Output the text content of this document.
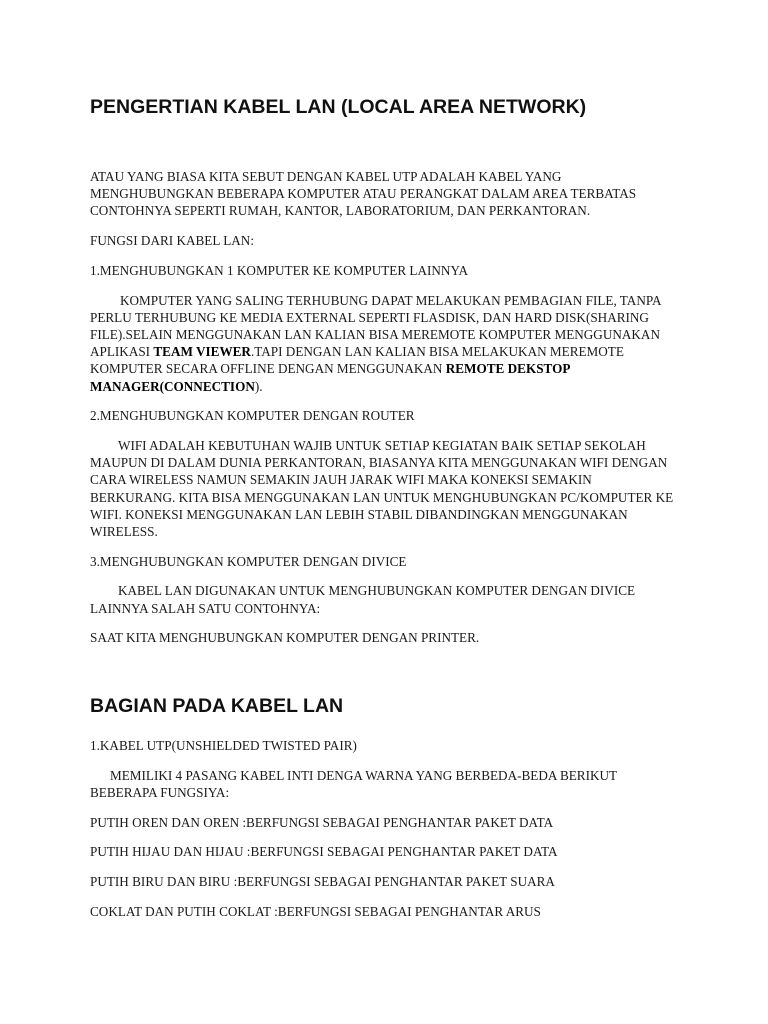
PENGERTIAN KABEL LAN (LOCAL AREA NETWORK)

ATAU YANG BIASA KITA SEBUT DENGAN KABEL UTP ADALAH KABEL YANG MENGHUBUNGKAN BEBERAPA KOMPUTER ATAU PERANGKAT DALAM AREA TERBATAS CONTOHNYA SEPERTI RUMAH, KANTOR, LABORATORIUM, DAN PERKANTORAN.

FUNGSI DARI KABEL LAN:

1.MENGHUBUNGKAN 1 KOMPUTER KE KOMPUTER LAINNYA

KOMPUTER YANG SALING TERHUBUNG DAPAT MELAKUKAN PEMBAGIAN FILE, TANPA PERLU TERHUBUNG KE MEDIA EXTERNAL SEPERTI FLASDISK, DAN HARD DISK(SHARING FILE).SELAIN MENGGUNAKAN LAN KALIAN BISA MEREMOTE KOMPUTER MENGGUNAKAN APLIKASI TEAM VIEWER.TAPI DENGAN LAN KALIAN BISA MELAKUKAN MEREMOTE KOMPUTER SECARA OFFLINE DENGAN MENGGUNAKAN REMOTE DEKSTOP MANAGER(CONNECTION).

2.MENGHUBUNGKAN KOMPUTER DENGAN ROUTER

WIFI ADALAH KEBUTUHAN WAJIB UNTUK SETIAP KEGIATAN BAIK SETIAP SEKOLAH MAUPUN DI DALAM DUNIA PERKANTORAN, BIASANYA KITA MENGGUNAKAN WIFI DENGAN CARA WIRELESS NAMUN SEMAKIN JAUH JARAK WIFI MAKA KONEKSI SEMAKIN BERKURANG. KITA BISA MENGGUNAKAN LAN UNTUK MENGHUBUNGKAN PC/KOMPUTER KE WIFI. KONEKSI MENGGUNAKAN LAN LEBIH STABIL DIBANDINGKAN MENGGUNAKAN WIRELESS.

3.MENGHUBUNGKAN KOMPUTER DENGAN DIVICE

KABEL LAN DIGUNAKAN UNTUK MENGHUBUNGKAN KOMPUTER DENGAN DIVICE LAINNYA SALAH SATU CONTOHNYA:

SAAT KITA MENGHUBUNGKAN KOMPUTER DENGAN PRINTER.

BAGIAN PADA KABEL LAN

1.KABEL UTP(UNSHIELDED TWISTED PAIR)

MEMILIKI 4 PASANG KABEL INTI DENGA WARNA YANG BERBEDA-BEDA BERIKUT BEBERAPA FUNGSIYA:

PUTIH OREN DAN OREN :BERFUNGSI SEBAGAI PENGHANTAR PAKET DATA

PUTIH HIJAU DAN HIJAU :BERFUNGSI SEBAGAI PENGHANTAR PAKET DATA

PUTIH BIRU DAN BIRU :BERFUNGSI SEBAGAI PENGHANTAR PAKET SUARA

COKLAT DAN PUTIH COKLAT :BERFUNGSI SEBAGAI PENGHANTAR ARUS
